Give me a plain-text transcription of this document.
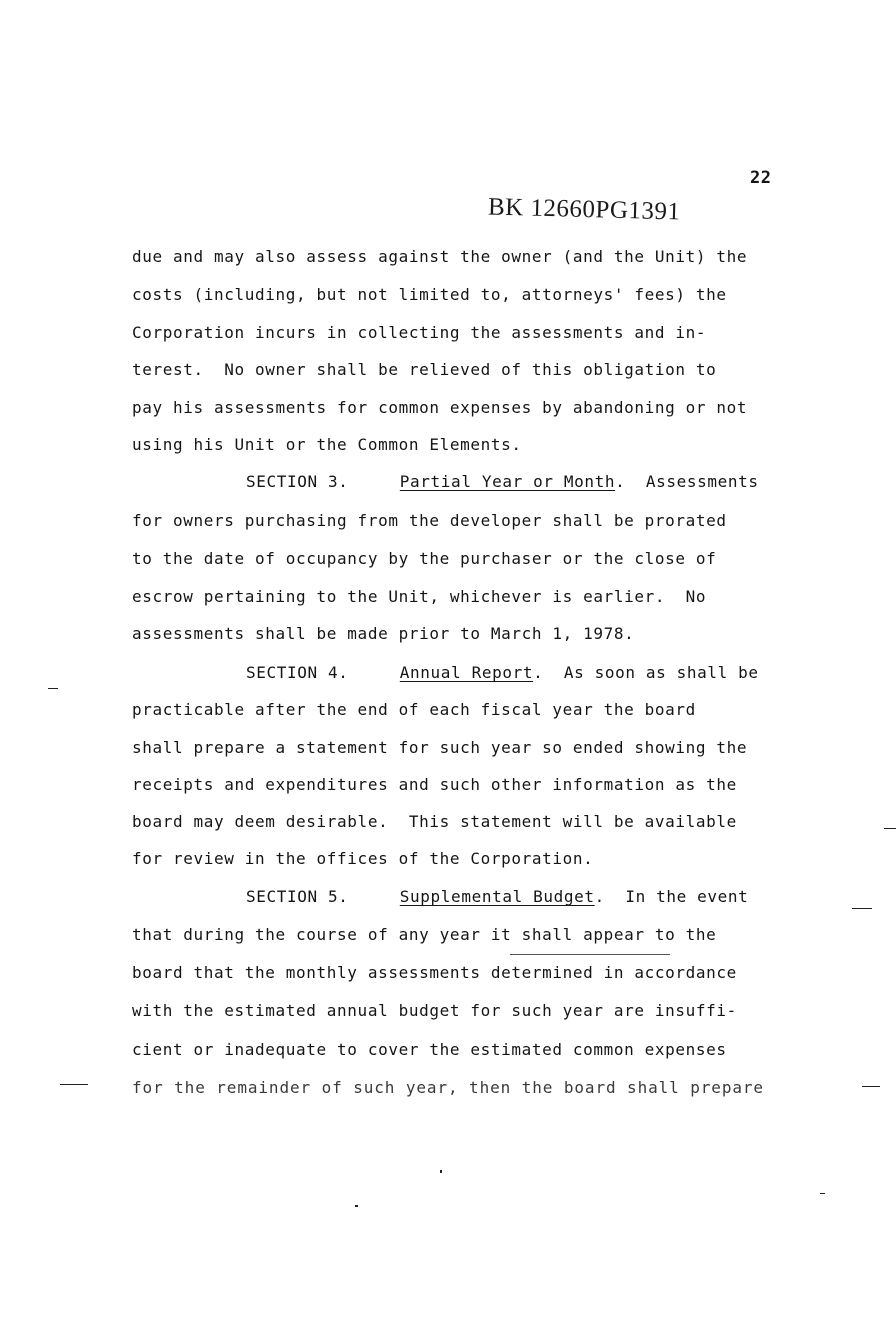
22
BK 12660PG1391
due and may also assess against the owner (and the Unit) the
costs (including, but not limited to, attorneys' fees) the
Corporation incurs in collecting the assessments and in-
terest.  No owner shall be relieved of this obligation to
pay his assessments for common expenses by abandoning or not
using his Unit or the Common Elements.
SECTION 3.	Partial Year or Month.  Assessments
for owners purchasing from the developer shall be prorated
to the date of occupancy by the purchaser or the close of
escrow pertaining to the Unit, whichever is earlier.  No
assessments shall be made prior to March 1, 1978.
SECTION 4.	Annual Report.  As soon as shall be
practicable after the end of each fiscal year the board
shall prepare a statement for such year so ended showing the
receipts and expenditures and such other information as the
board may deem desirable.  This statement will be available
for review in the offices of the Corporation.
SECTION 5.	Supplemental Budget.  In the event
that during the course of any year it shall appear to the
board that the monthly assessments determined in accordance
with the estimated annual budget for such year are insuffi-
cient or inadequate to cover the estimated common expenses
for the remainder of such year, then the board shall prepare
